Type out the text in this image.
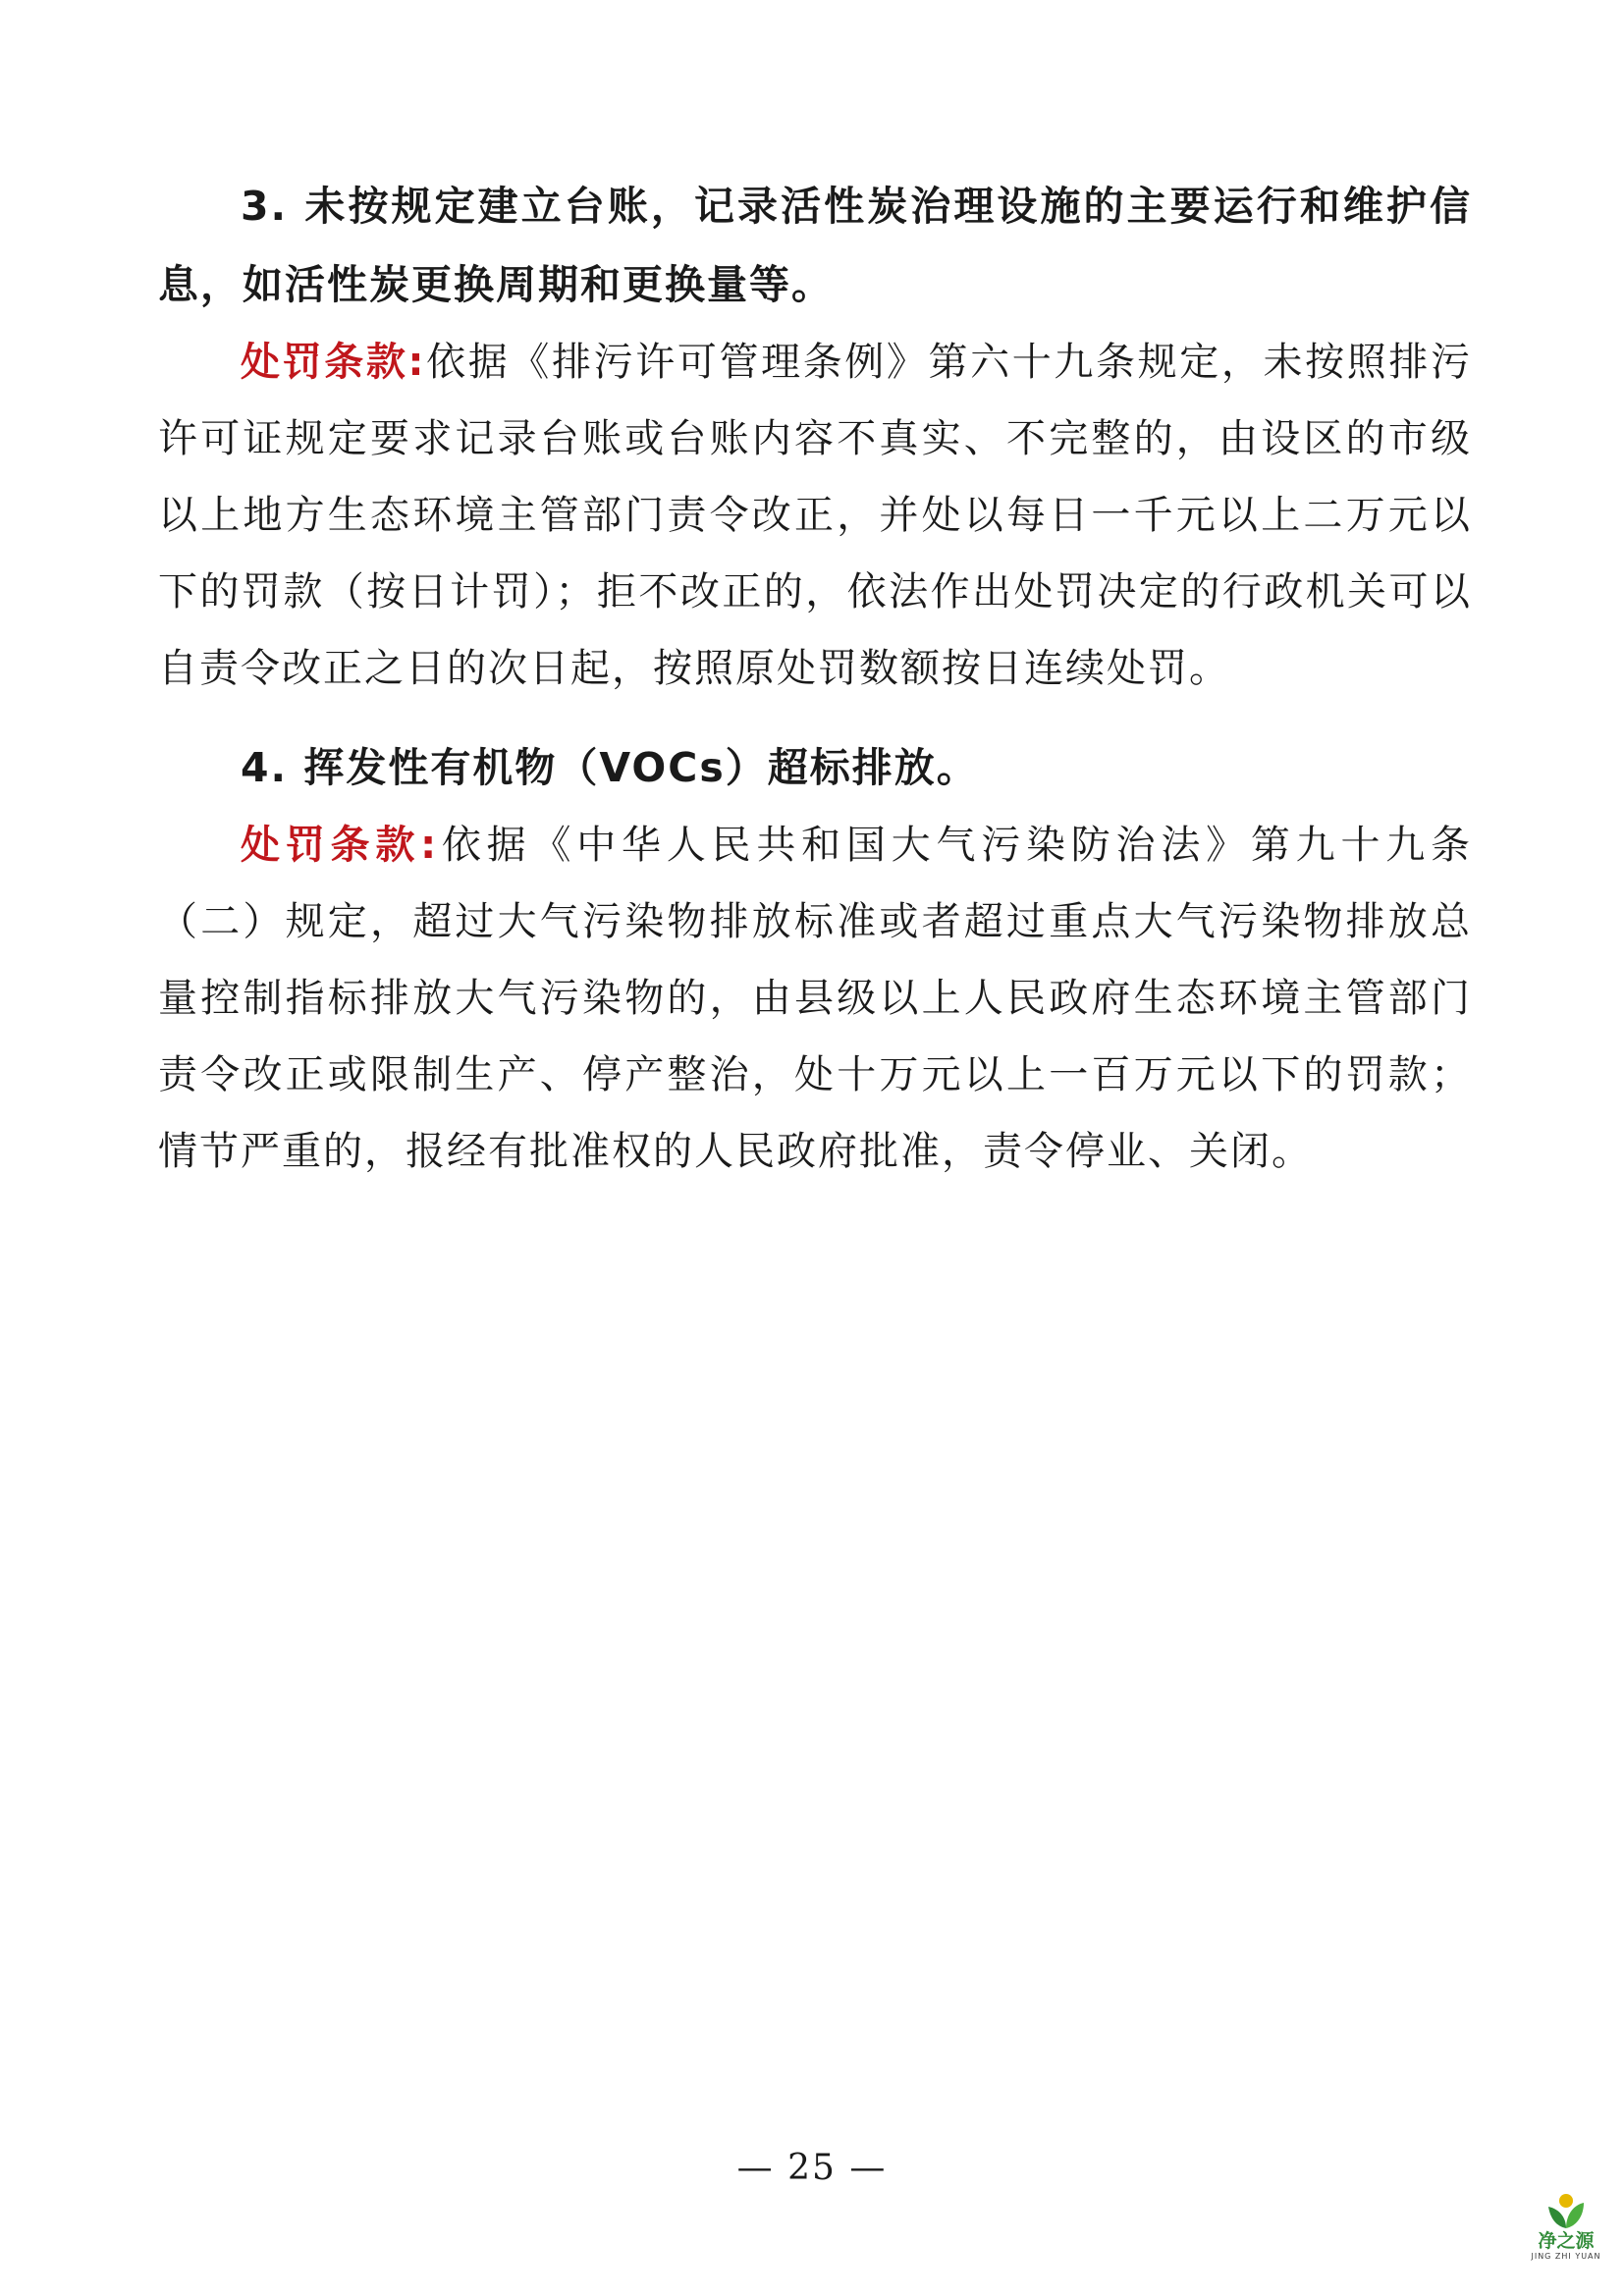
3. 未按规定建立台账，记录活性炭治理设施的主要运行和维护信息，如活性炭更换周期和更换量等。

处罚条款:依据《排污许可管理条例》第六十九条规定，未按照排污许可证规定要求记录台账或台账内容不真实、不完整的，由设区的市级以上地方生态环境主管部门责令改正，并处以每日一千元以上二万元以下的罚款（按日计罚）；拒不改正的，依法作出处罚决定的行政机关可以自责令改正之日的次日起，按照原处罚数额按日连续处罚。

4. 挥发性有机物（VOCs）超标排放。

处罚条款:依据《中华人民共和国大气污染防治法》第九十九条（二）规定，超过大气污染物排放标准或者超过重点大气污染物排放总量控制指标排放大气污染物的，由县级以上人民政府生态环境主管部门责令改正或限制生产、停产整治，处十万元以上一百万元以下的罚款；情节严重的，报经有批准权的人民政府批准，责令停业、关闭。

— 25 —
净之源
JING ZHI YUAN
